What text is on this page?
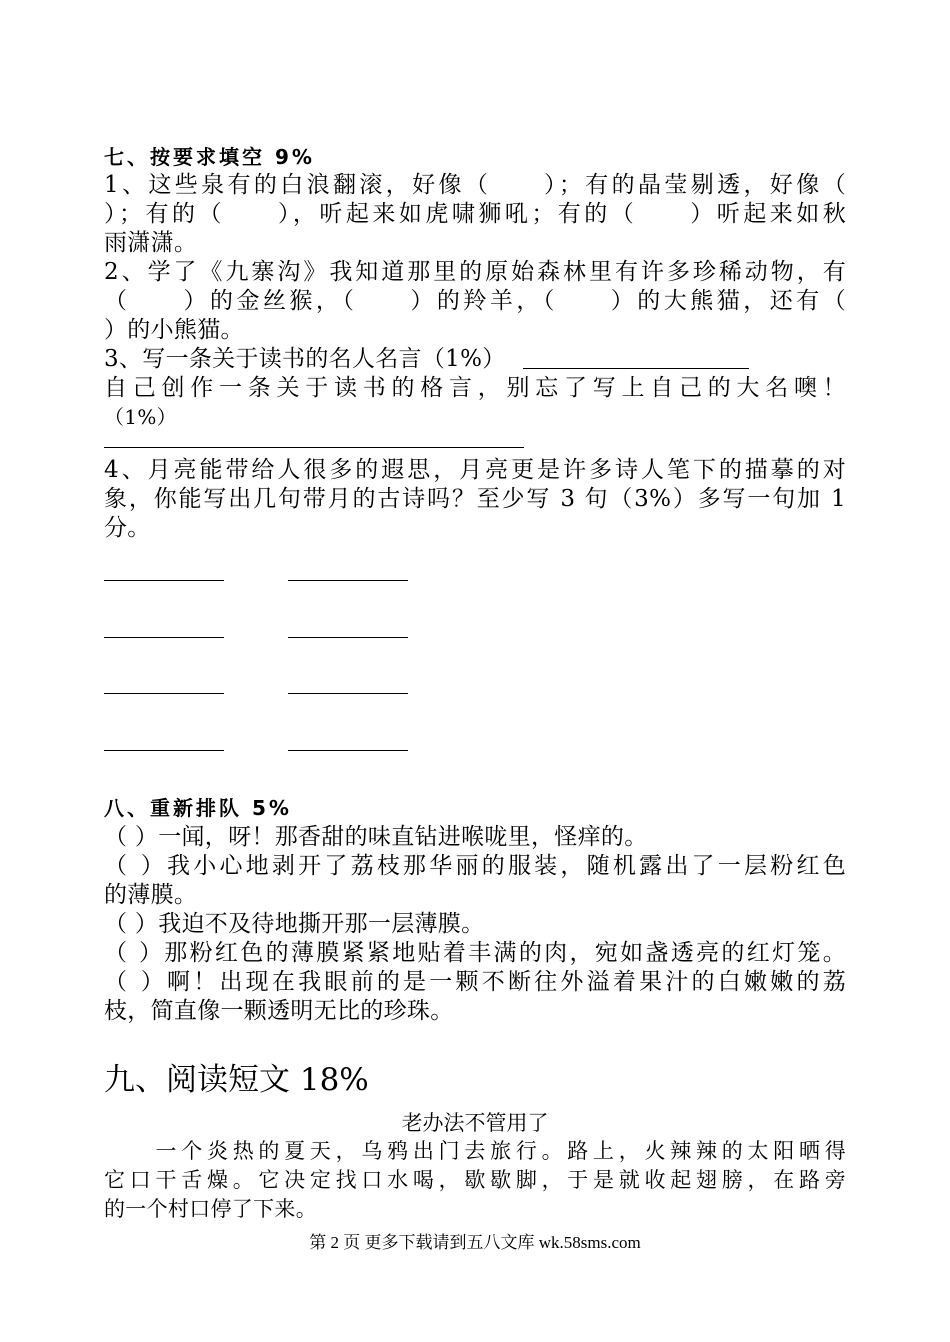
七、按要求填空 9%
1、这些泉有的白浪翻滚，好像（　　）；有的晶莹剔透，好像（
）；有的（　　），听起来如虎啸狮吼；有的（　　）听起来如秋
雨潇潇。
2、学了《九寨沟》我知道那里的原始森林里有许多珍稀动物，有
（　　）的金丝猴，（　　）的羚羊，（　　）的大熊猫，还有（
）的小熊猫。
3、写一条关于读书的名人名言（1%）
自己创作一条关于读书的格言，别忘了写上自己的大名噢！
（1%）
4、月亮能带给人很多的遐思，月亮更是许多诗人笔下的描摹的对
象，你能写出几句带月的古诗吗？至少写 3 句（3%）多写一句加 1
分。
八、重新排队 5%
（ ）一闻，呀！那香甜的味直钻进喉咙里，怪痒的。
（ ）我小心地剥开了荔枝那华丽的服装，随机露出了一层粉红色
的薄膜。
（ ）我迫不及待地撕开那一层薄膜。
（ ）那粉红色的薄膜紧紧地贴着丰满的肉，宛如盏透亮的红灯笼。
（ ）啊！出现在我眼前的是一颗不断往外溢着果汁的白嫩嫩的荔
枝，简直像一颗透明无比的珍珠。
九、阅读短文 18%
老办法不管用了
　　一个炎热的夏天，乌鸦出门去旅行。路上，火辣辣的太阳晒得
它口干舌燥。它决定找口水喝，歇歇脚，于是就收起翅膀，在路旁
的一个村口停了下来。
第 2 页 更多下载请到五八文库 wk.58sms.com
